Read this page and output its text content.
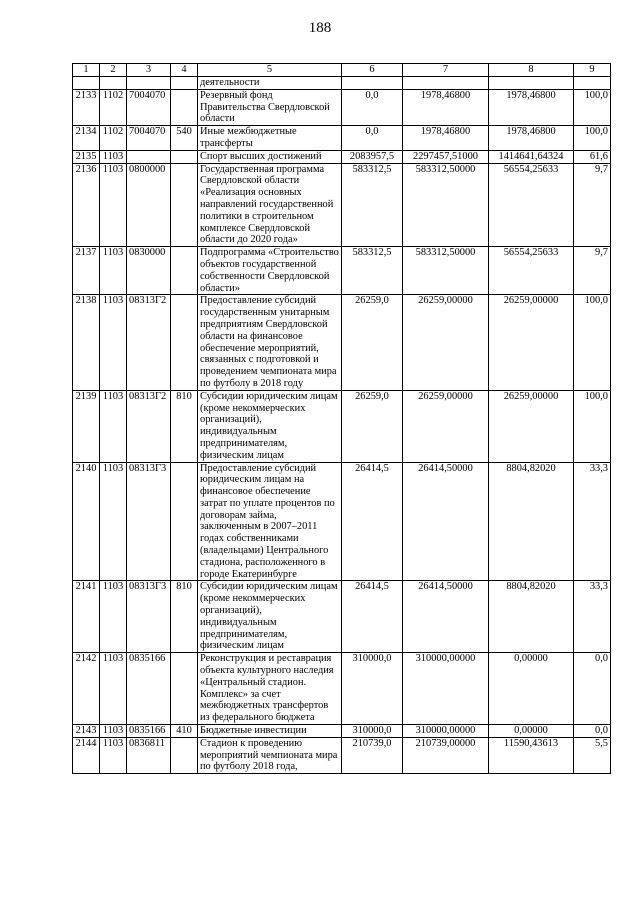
188
1	2	3	4	5	6	7	8	9
				деятельности				
2133	1102	7004070		Резервный фонд Правительства Свердловской области	0,0	1978,46800	1978,46800	100,0
2134	1102	7004070	540	Иные межбюджетные трансферты	0,0	1978,46800	1978,46800	100,0
2135	1103			Спорт высших достижений	2083957,5	2297457,51000	1414641,64324	61,6
2136	1103	0800000		Государственная программа Свердловской области «Реализация основных направлений государственной политики в строительном комплексе Свердловской области до 2020 года»	583312,5	583312,50000	56554,25633	9,7
2137	1103	0830000		Подпрограмма «Строительство объектов государственной собственности Свердловской области»	583312,5	583312,50000	56554,25633	9,7
2138	1103	08313Г2		Предоставление субсидий государственным унитарным предприятиям Свердловской области на финансовое обеспечение мероприятий, связанных с подготовкой и проведением чемпионата мира по футболу в 2018 году	26259,0	26259,00000	26259,00000	100,0
2139	1103	08313Г2	810	Субсидии юридическим лицам (кроме некоммерческих организаций), индивидуальным предпринимателям, физическим лицам	26259,0	26259,00000	26259,00000	100,0
2140	1103	08313Г3		Предоставление субсидий юридическим лицам на финансовое обеспечение затрат по уплате процентов по договорам займа, заключенным в 2007–2011 годах собственниками (владельцами) Центрального стадиона, расположенного в городе Екатеринбурге	26414,5	26414,50000	8804,82020	33,3
2141	1103	08313Г3	810	Субсидии юридическим лицам (кроме некоммерческих организаций), индивидуальным предпринимателям, физическим лицам	26414,5	26414,50000	8804,82020	33,3
2142	1103	0835166		Реконструкция и реставрация объекта культурного наследия «Центральный стадион. Комплекс» за счет межбюджетных трансфертов из федерального бюджета	310000,0	310000,00000	0,00000	0,0
2143	1103	0835166	410	Бюджетные инвестиции	310000,0	310000,00000	0,00000	0,0
2144	1103	0836811		Стадион к проведению мероприятий чемпионата мира по футболу 2018 года,	210739,0	210739,00000	11590,43613	5,5
